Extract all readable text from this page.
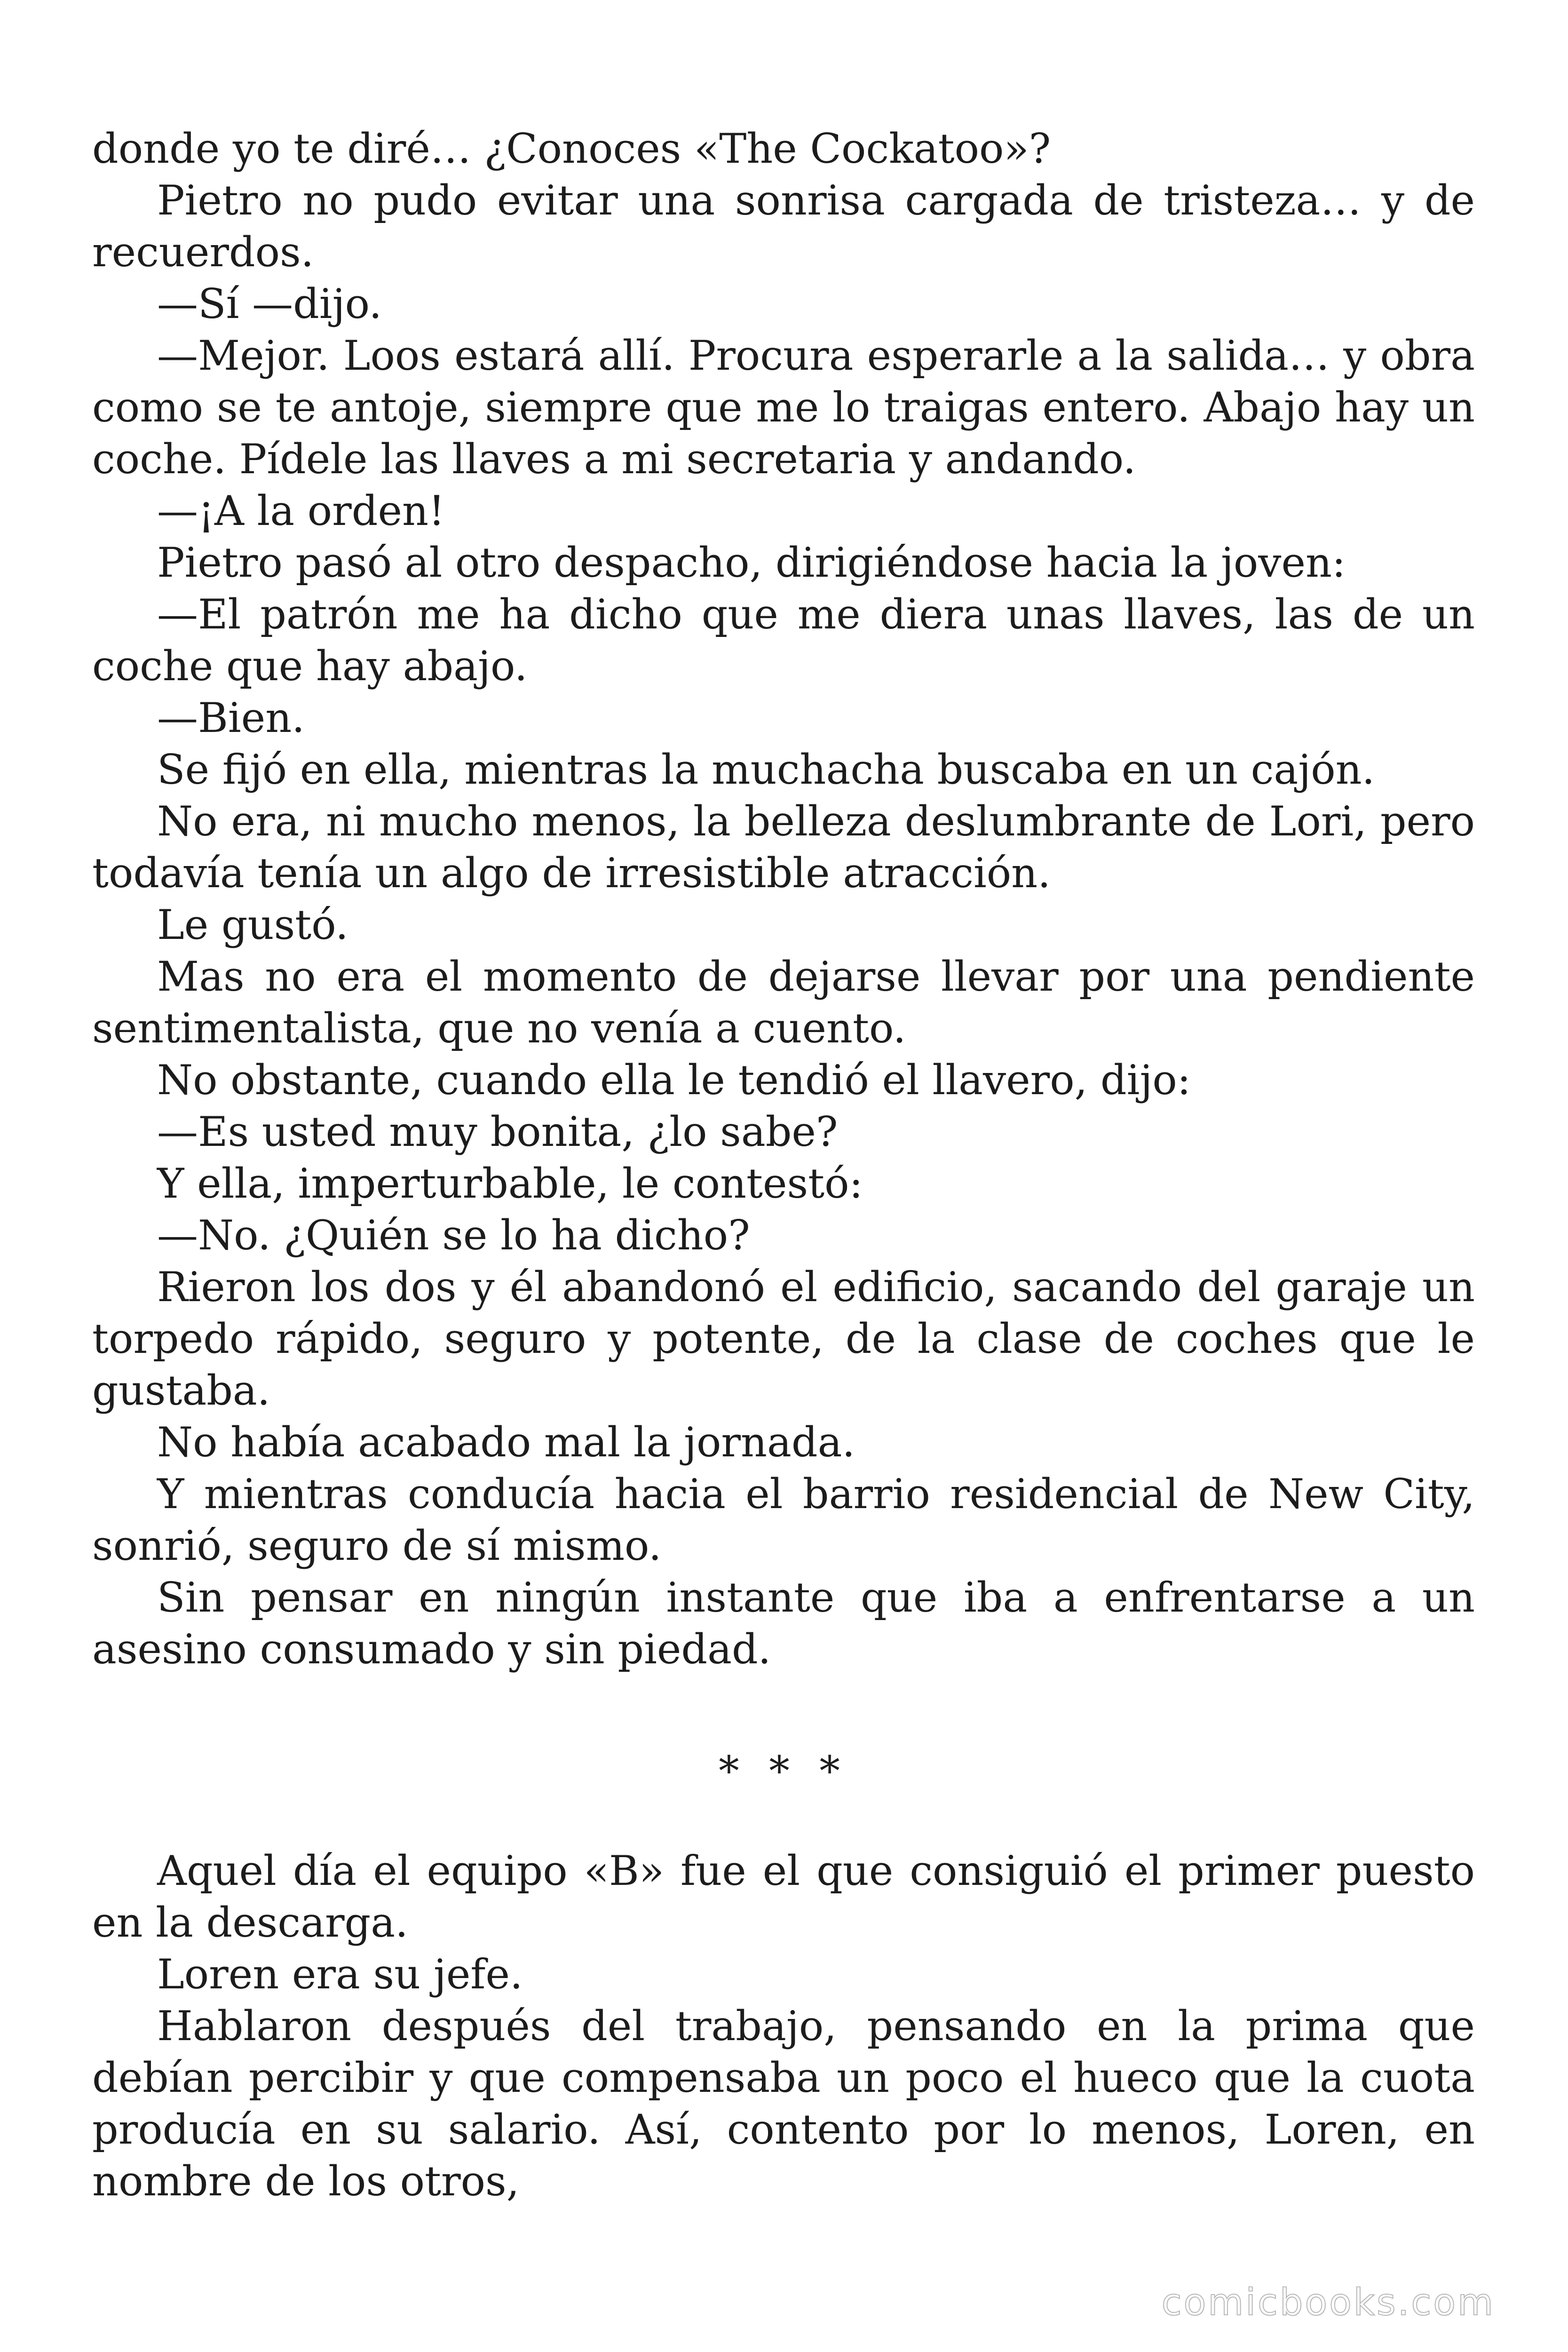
donde yo te diré… ¿Conoces «The Cockatoo»?

Pietro no pudo evitar una sonrisa cargada de tristeza… y de recuerdos.

—Sí —dijo.

—Mejor. Loos estará allí. Procura esperarle a la salida… y obra como se te antoje, siempre que me lo traigas entero. Abajo hay un coche. Pídele las llaves a mi secretaria y andando.

—¡A la orden!

Pietro pasó al otro despacho, dirigiéndose hacia la joven:

—El patrón me ha dicho que me diera unas llaves, las de un coche que hay abajo.

—Bien.

Se fijó en ella, mientras la muchacha buscaba en un cajón.

No era, ni mucho menos, la belleza deslumbrante de Lori, pero todavía tenía un algo de irresistible atracción.

Le gustó.

Mas no era el momento de dejarse llevar por una pendiente sentimentalista, que no venía a cuento.

No obstante, cuando ella le tendió el llavero, dijo:

—Es usted muy bonita, ¿lo sabe?

Y ella, imperturbable, le contestó:

—No. ¿Quién se lo ha dicho?

Rieron los dos y él abandonó el edificio, sacando del garaje un torpedo rápido, seguro y potente, de la clase de coches que le gustaba.

No había acabado mal la jornada.

Y mientras conducía hacia el barrio residencial de New City, sonrió, seguro de sí mismo.

Sin pensar en ningún instante que iba a enfrentarse a un asesino consumado y sin piedad.

* * *

Aquel día el equipo «B» fue el que consiguió el primer puesto en la descarga.

Loren era su jefe.

Hablaron después del trabajo, pensando en la prima que debían percibir y que compensaba un poco el hueco que la cuota producía en su salario. Así, contento por lo menos, Loren, en nombre de los otros,

comicbooks.com
